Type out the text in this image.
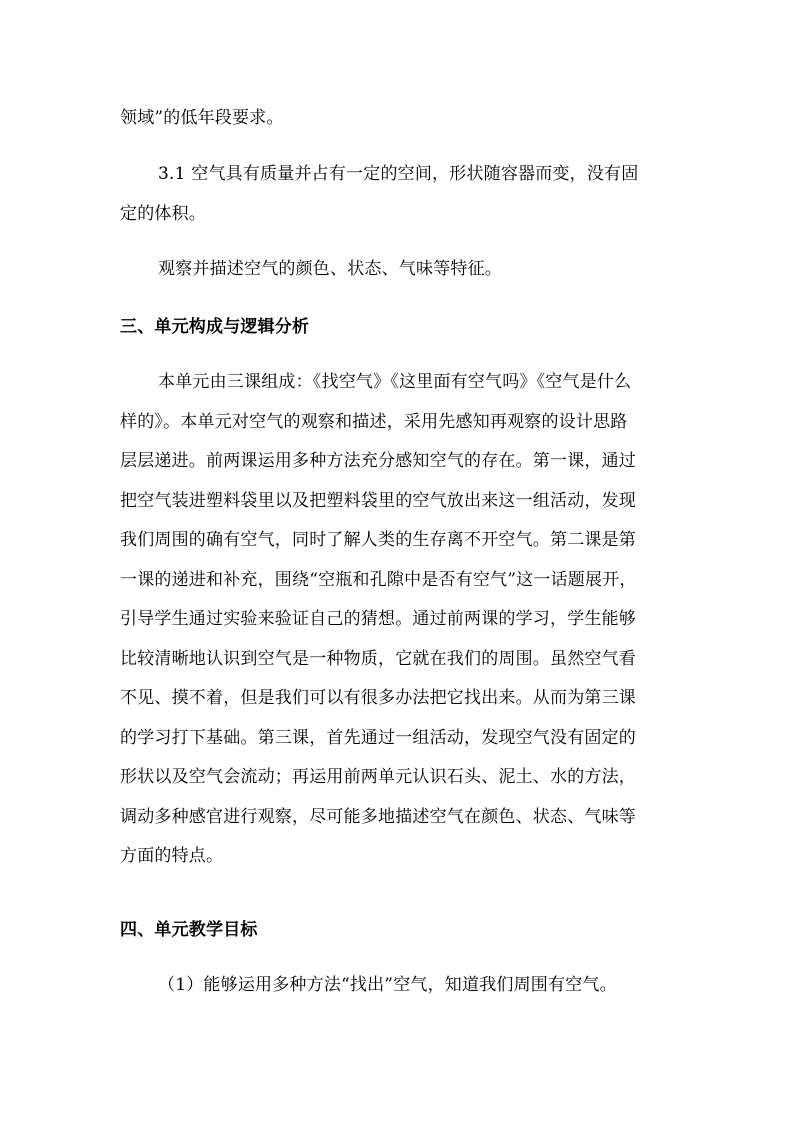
领域”的低年段要求。
3.1 空气具有质量并占有一定的空间，形状随容器而变，没有固
定的体积。
观察并描述空气的颜色、状态、气味等特征。
三、单元构成与逻辑分析
本单元由三课组成：《找空气》《这里面有空气吗》《空气是什么
样的》。本单元对空气的观察和描述，采用先感知再观察的设计思路
层层递进。前两课运用多种方法充分感知空气的存在。第一课，通过
把空气装进塑料袋里以及把塑料袋里的空气放出来这一组活动，发现
我们周围的确有空气，同时了解人类的生存离不开空气。第二课是第
一课的递进和补充，围绕“空瓶和孔隙中是否有空气”这一话题展开，
引导学生通过实验来验证自己的猜想。通过前两课的学习，学生能够
比较清晰地认识到空气是一种物质，它就在我们的周围。虽然空气看
不见、摸不着，但是我们可以有很多办法把它找出来。从而为第三课
的学习打下基础。第三课，首先通过一组活动，发现空气没有固定的
形状以及空气会流动；再运用前两单元认识石头、泥土、水的方法，
调动多种感官进行观察，尽可能多地描述空气在颜色、状态、气味等
方面的特点。
四、单元教学目标
（1）能够运用多种方法“找出”空气，知道我们周围有空气。
